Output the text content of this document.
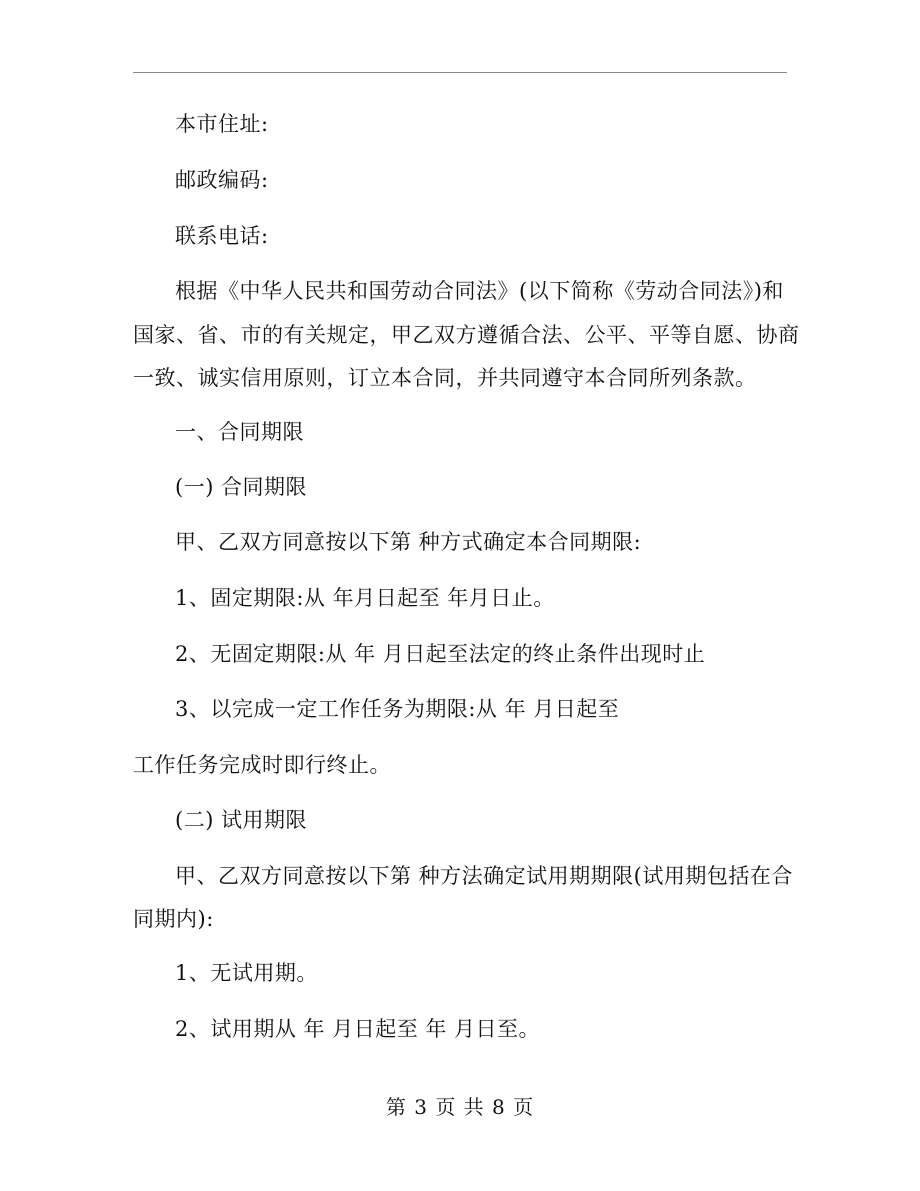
本市住址:
邮政编码:
联系电话:
根据《中华人民共和国劳动合同法》(以下简称《劳动合同法》)和
国家、省、市的有关规定，甲乙双方遵循合法、公平、平等自愿、协商
一致、诚实信用原则，订立本合同，并共同遵守本合同所列条款。
一、合同期限
(一) 合同期限
甲、乙双方同意按以下第 种方式确定本合同期限:
1、固定期限:从 年月日起至 年月日止。
2、无固定期限:从 年 月日起至法定的终止条件出现时止
3、以完成一定工作任务为期限:从 年 月日起至
工作任务完成时即行终止。
(二) 试用期限
甲、乙双方同意按以下第 种方法确定试用期期限(试用期包括在合
同期内):
1、无试用期。
2、试用期从 年 月日起至 年 月日至。
第 3 页 共 8 页
